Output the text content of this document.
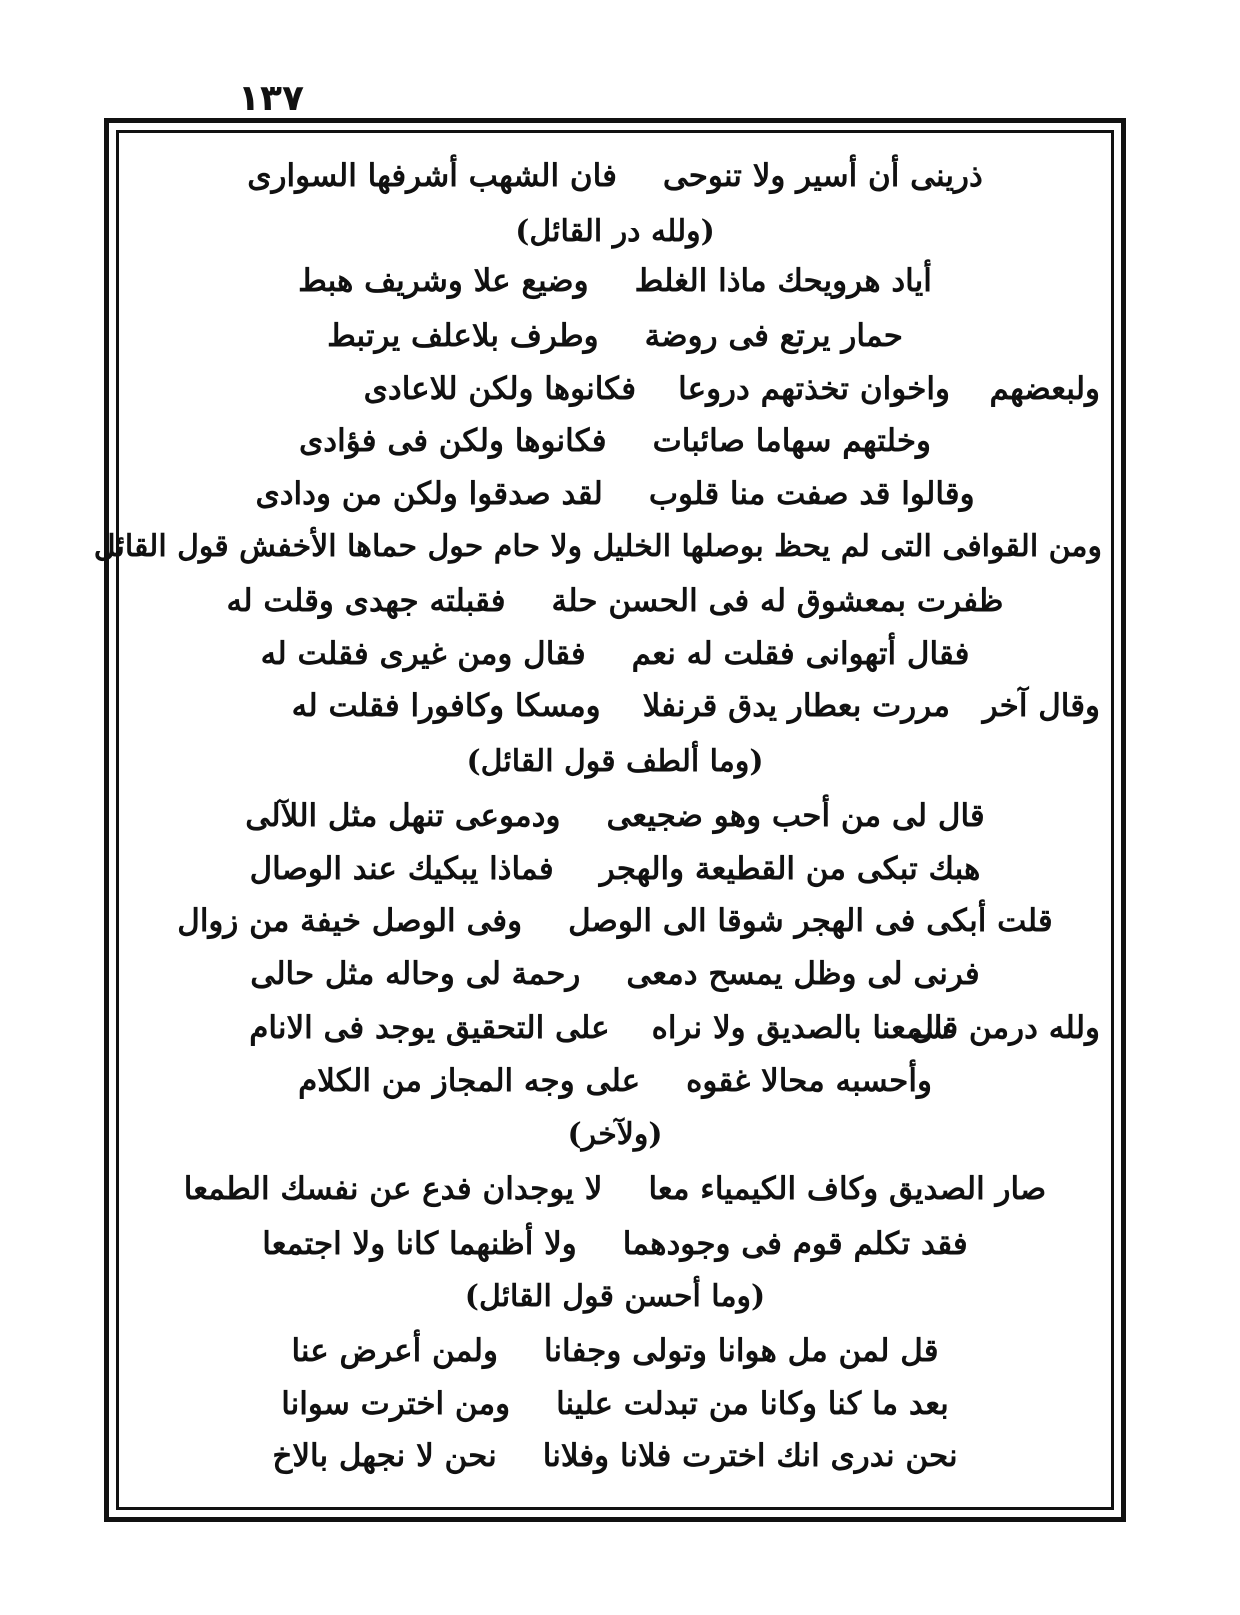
١٣٧
ذرينى أن أسير ولا تنوحى
فان الشهب أشرفها السوارى
(ولله در القائل)
أياد هرويحك ماذا الغلط
وضيع علا وشريف هبط
حمار يرتع فى روضة
وطرف بلاعلف يرتبط
ولبعضهم
واخوان تخذتهم دروعا
فكانوها ولكن للاعادى
وخلتهم سهاما صائبات
فكانوها ولكن فى فؤادى
وقالوا قد صفت منا قلوب
لقد صدقوا ولكن من ودادى
ومن القوافى التى لم يحظ بوصلها الخليل ولا حام حول حماها الأخفش قول القائل
ظفرت بمعشوق له فى الحسن حلة
فقبلته جهدى وقلت له
فقال أتهوانى فقلت له نعم
فقال ومن غيرى فقلت له
وقال آخر
مررت بعطار يدق قرنفلا
ومسكا وكافورا فقلت له
(وما ألطف قول القائل)
قال لى من أحب وهو ضجيعى
ودموعى تنهل مثل اللآلى
هبك تبكى من القطيعة والهجر
فماذا يبكيك عند الوصال
قلت أبكى فى الهجر شوقا الى الوصل
وفى الوصل خيفة من زوال
فرنى لى وظل يمسح دمعى
رحمة لى وحاله مثل حالى
ولله درمن قال
سمعنا بالصديق ولا نراه
على التحقيق يوجد فى الانام
وأحسبه محالا غقوه
على وجه المجاز من الكلام
(ولآخر)
صار الصديق وكاف الكيمياء معا
لا يوجدان فدع عن نفسك الطمعا
فقد تكلم قوم فى وجودهما
ولا أظنهما كانا ولا اجتمعا
(وما أحسن قول القائل)
قل لمن مل هوانا وتولى وجفانا
ولمن أعرض عنا
بعد ما كنا وكانا من تبدلت علينا
ومن اخترت سوانا
نحن ندرى انك اخترت فلانا وفلانا
نحن لا نجهل بالاخ
